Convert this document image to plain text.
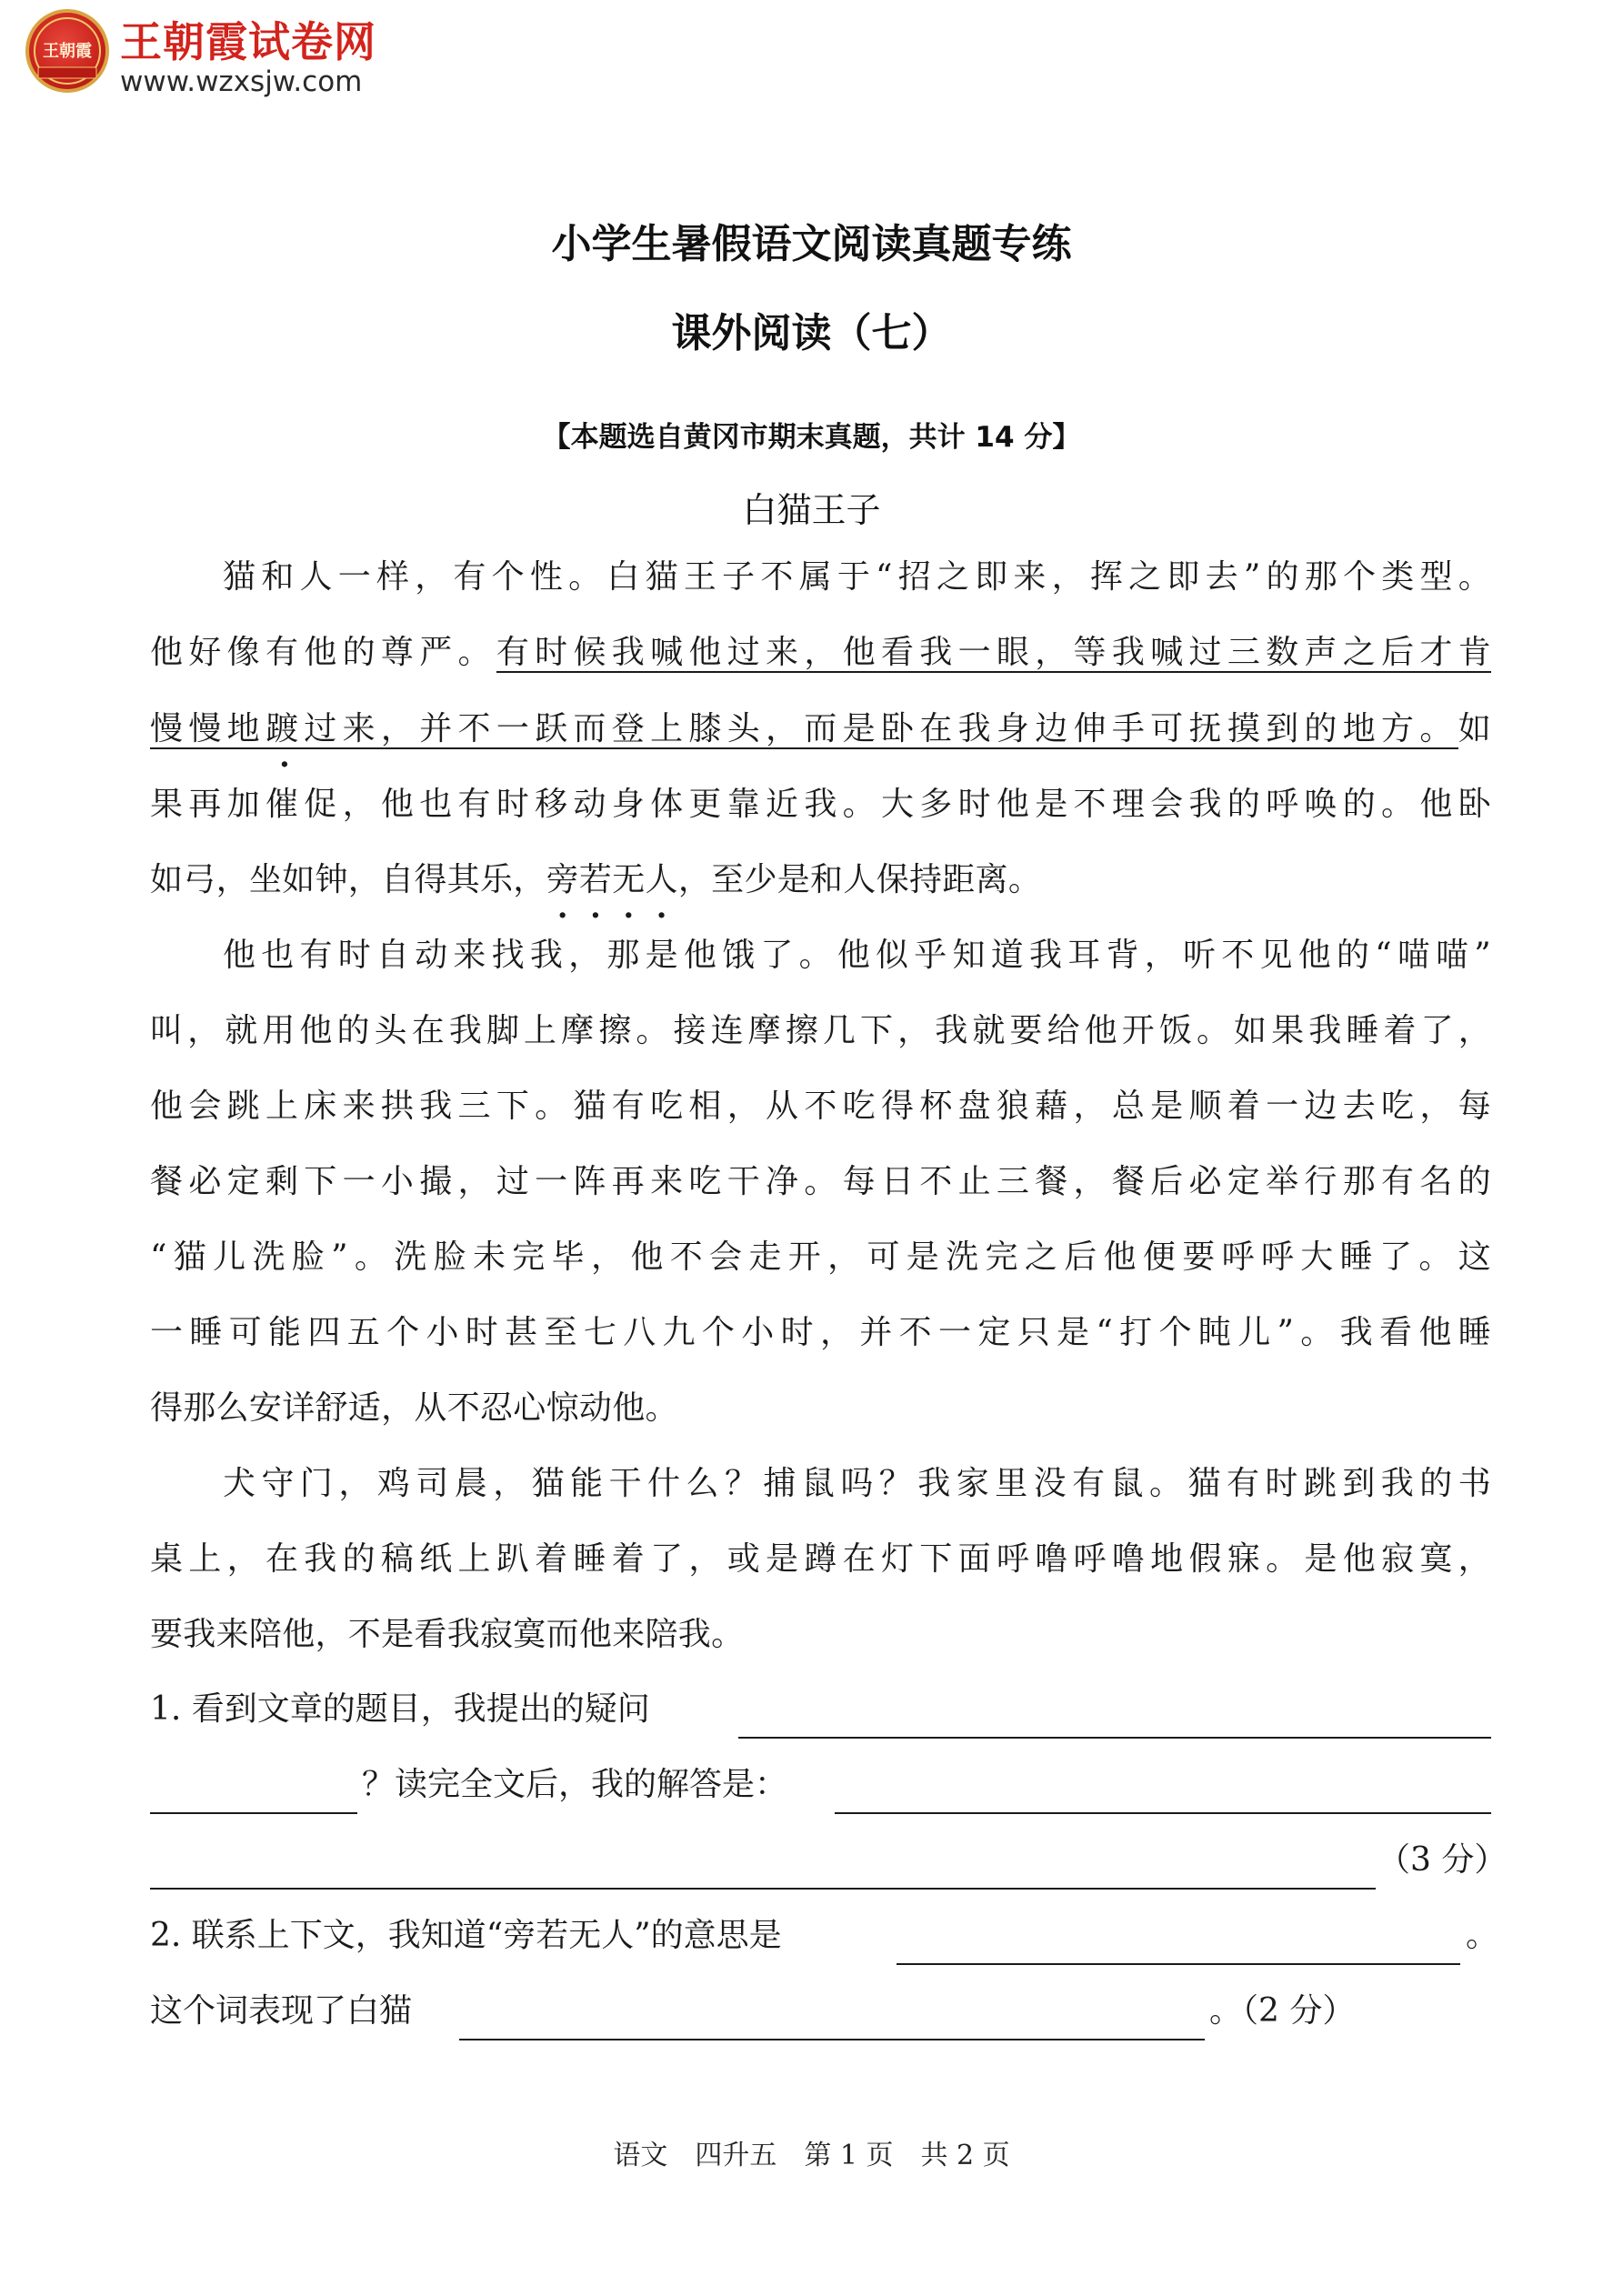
王朝霞 王朝霞试卷网
www.wzxsjw.com
小学生暑假语文阅读真题专练
课外阅读（七）
【本题选自黄冈市期末真题，共计 14 分】
白猫王子
猫和人一样，有个性。白猫王子不属于“招之即来，挥之即去”的那个类型。
他好像有他的尊严。有时候我喊他过来，他看我一眼，等我喊过三数声之后才肯
慢慢地踱过来，并不一跃而登上膝头，而是卧在我身边伸手可抚摸到的地方。如
果再加催促，他也有时移动身体更靠近我。大多时他是不理会我的呼唤的。他卧
如弓，坐如钟，自得其乐，旁若无人，至少是和人保持距离。
他也有时自动来找我，那是他饿了。他似乎知道我耳背，听不见他的“喵喵”
叫，就用他的头在我脚上摩擦。接连摩擦几下，我就要给他开饭。如果我睡着了，
他会跳上床来拱我三下。猫有吃相，从不吃得杯盘狼藉，总是顺着一边去吃，每
餐必定剩下一小撮，过一阵再来吃干净。每日不止三餐，餐后必定举行那有名的
“猫儿洗脸”。洗脸未完毕，他不会走开，可是洗完之后他便要呼呼大睡了。这
一睡可能四五个小时甚至七八九个小时，并不一定只是“打个盹儿”。我看他睡
得那么安详舒适，从不忍心惊动他。
犬守门，鸡司晨，猫能干什么？捕鼠吗？我家里没有鼠。猫有时跳到我的书
桌上，在我的稿纸上趴着睡着了，或是蹲在灯下面呼噜呼噜地假寐。是他寂寞，
要我来陪他，不是看我寂寞而他来陪我。
1. 看到文章的题目，我提出的疑问
？读完全文后，我的解答是：
（3 分）
2. 联系上下文，我知道“旁若无人”的意思是	。
这个词表现了白猫	。（2 分）
语文　四升五　第 1 页　共 2 页
